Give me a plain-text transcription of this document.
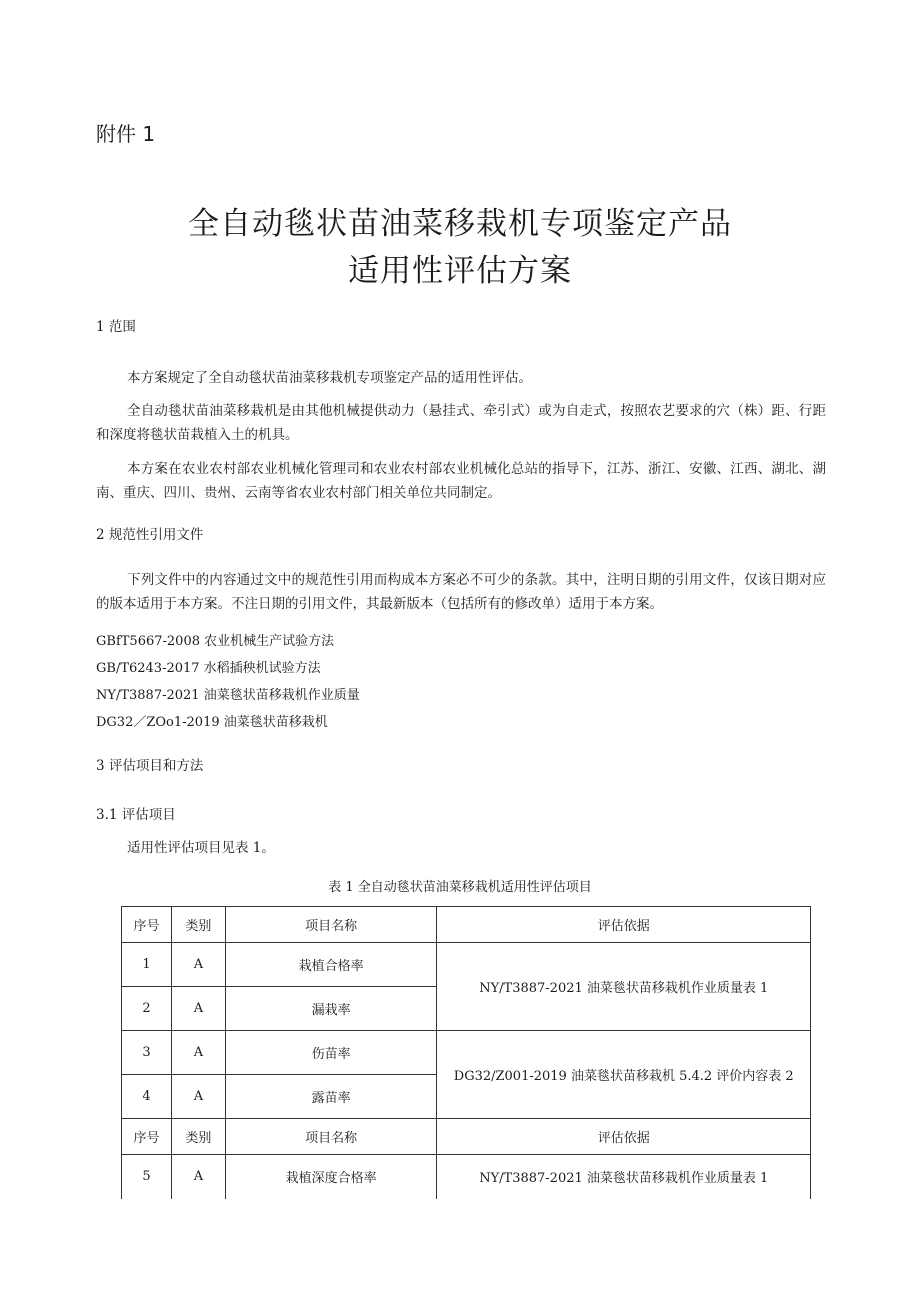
附件 1
全自动毯状苗油菜移栽机专项鉴定产品
适用性评估方案
1 范围
本方案规定了全自动毯状苗油菜移栽机专项鉴定产品的适用性评估。
全自动毯状苗油菜移栽机是由其他机械提供动力（悬挂式、牵引式）或为自走式，按照农艺要求的穴（株）距、行距和深度将毯状苗栽植入土的机具。
本方案在农业农村部农业机械化管理司和农业农村部农业机械化总站的指导下，江苏、浙江、安徽、江西、湖北、湖南、重庆、四川、贵州、云南等省农业农村部门相关单位共同制定。
2 规范性引用文件
下列文件中的内容通过文中的规范性引用而构成本方案必不可少的条款。其中，注明日期的引用文件，仅该日期对应的版本适用于本方案。不注日期的引用文件，其最新版本（包括所有的修改单）适用于本方案。
GBfT5667-2008 农业机械生产试验方法
GB/T6243-2017 水稻插秧机试验方法
NY/T3887-2021 油菜毯状苗移栽机作业质量
DG32／ZOo1-2019 油菜毯状苗移栽机
3 评估项目和方法
3.1 评估项目
适用性评估项目见表 1。
表 1 全自动毯状苗油菜移栽机适用性评估项目
序号	类别	项目名称	评估依据
1	A	栽植合格率	NY/T3887-2021 油菜毯状苗移栽机作业质量表 1
2	A	漏栽率	
3	A	伤苗率	DG32/Z001-2019 油菜毯状苗移栽机 5.4.2 评价内容表 2
4	A	露苗率	
序号	类别	项目名称	评估依据
5	A	栽植深度合格率	NY/T3887-2021 油菜毯状苗移栽机作业质量表 1
